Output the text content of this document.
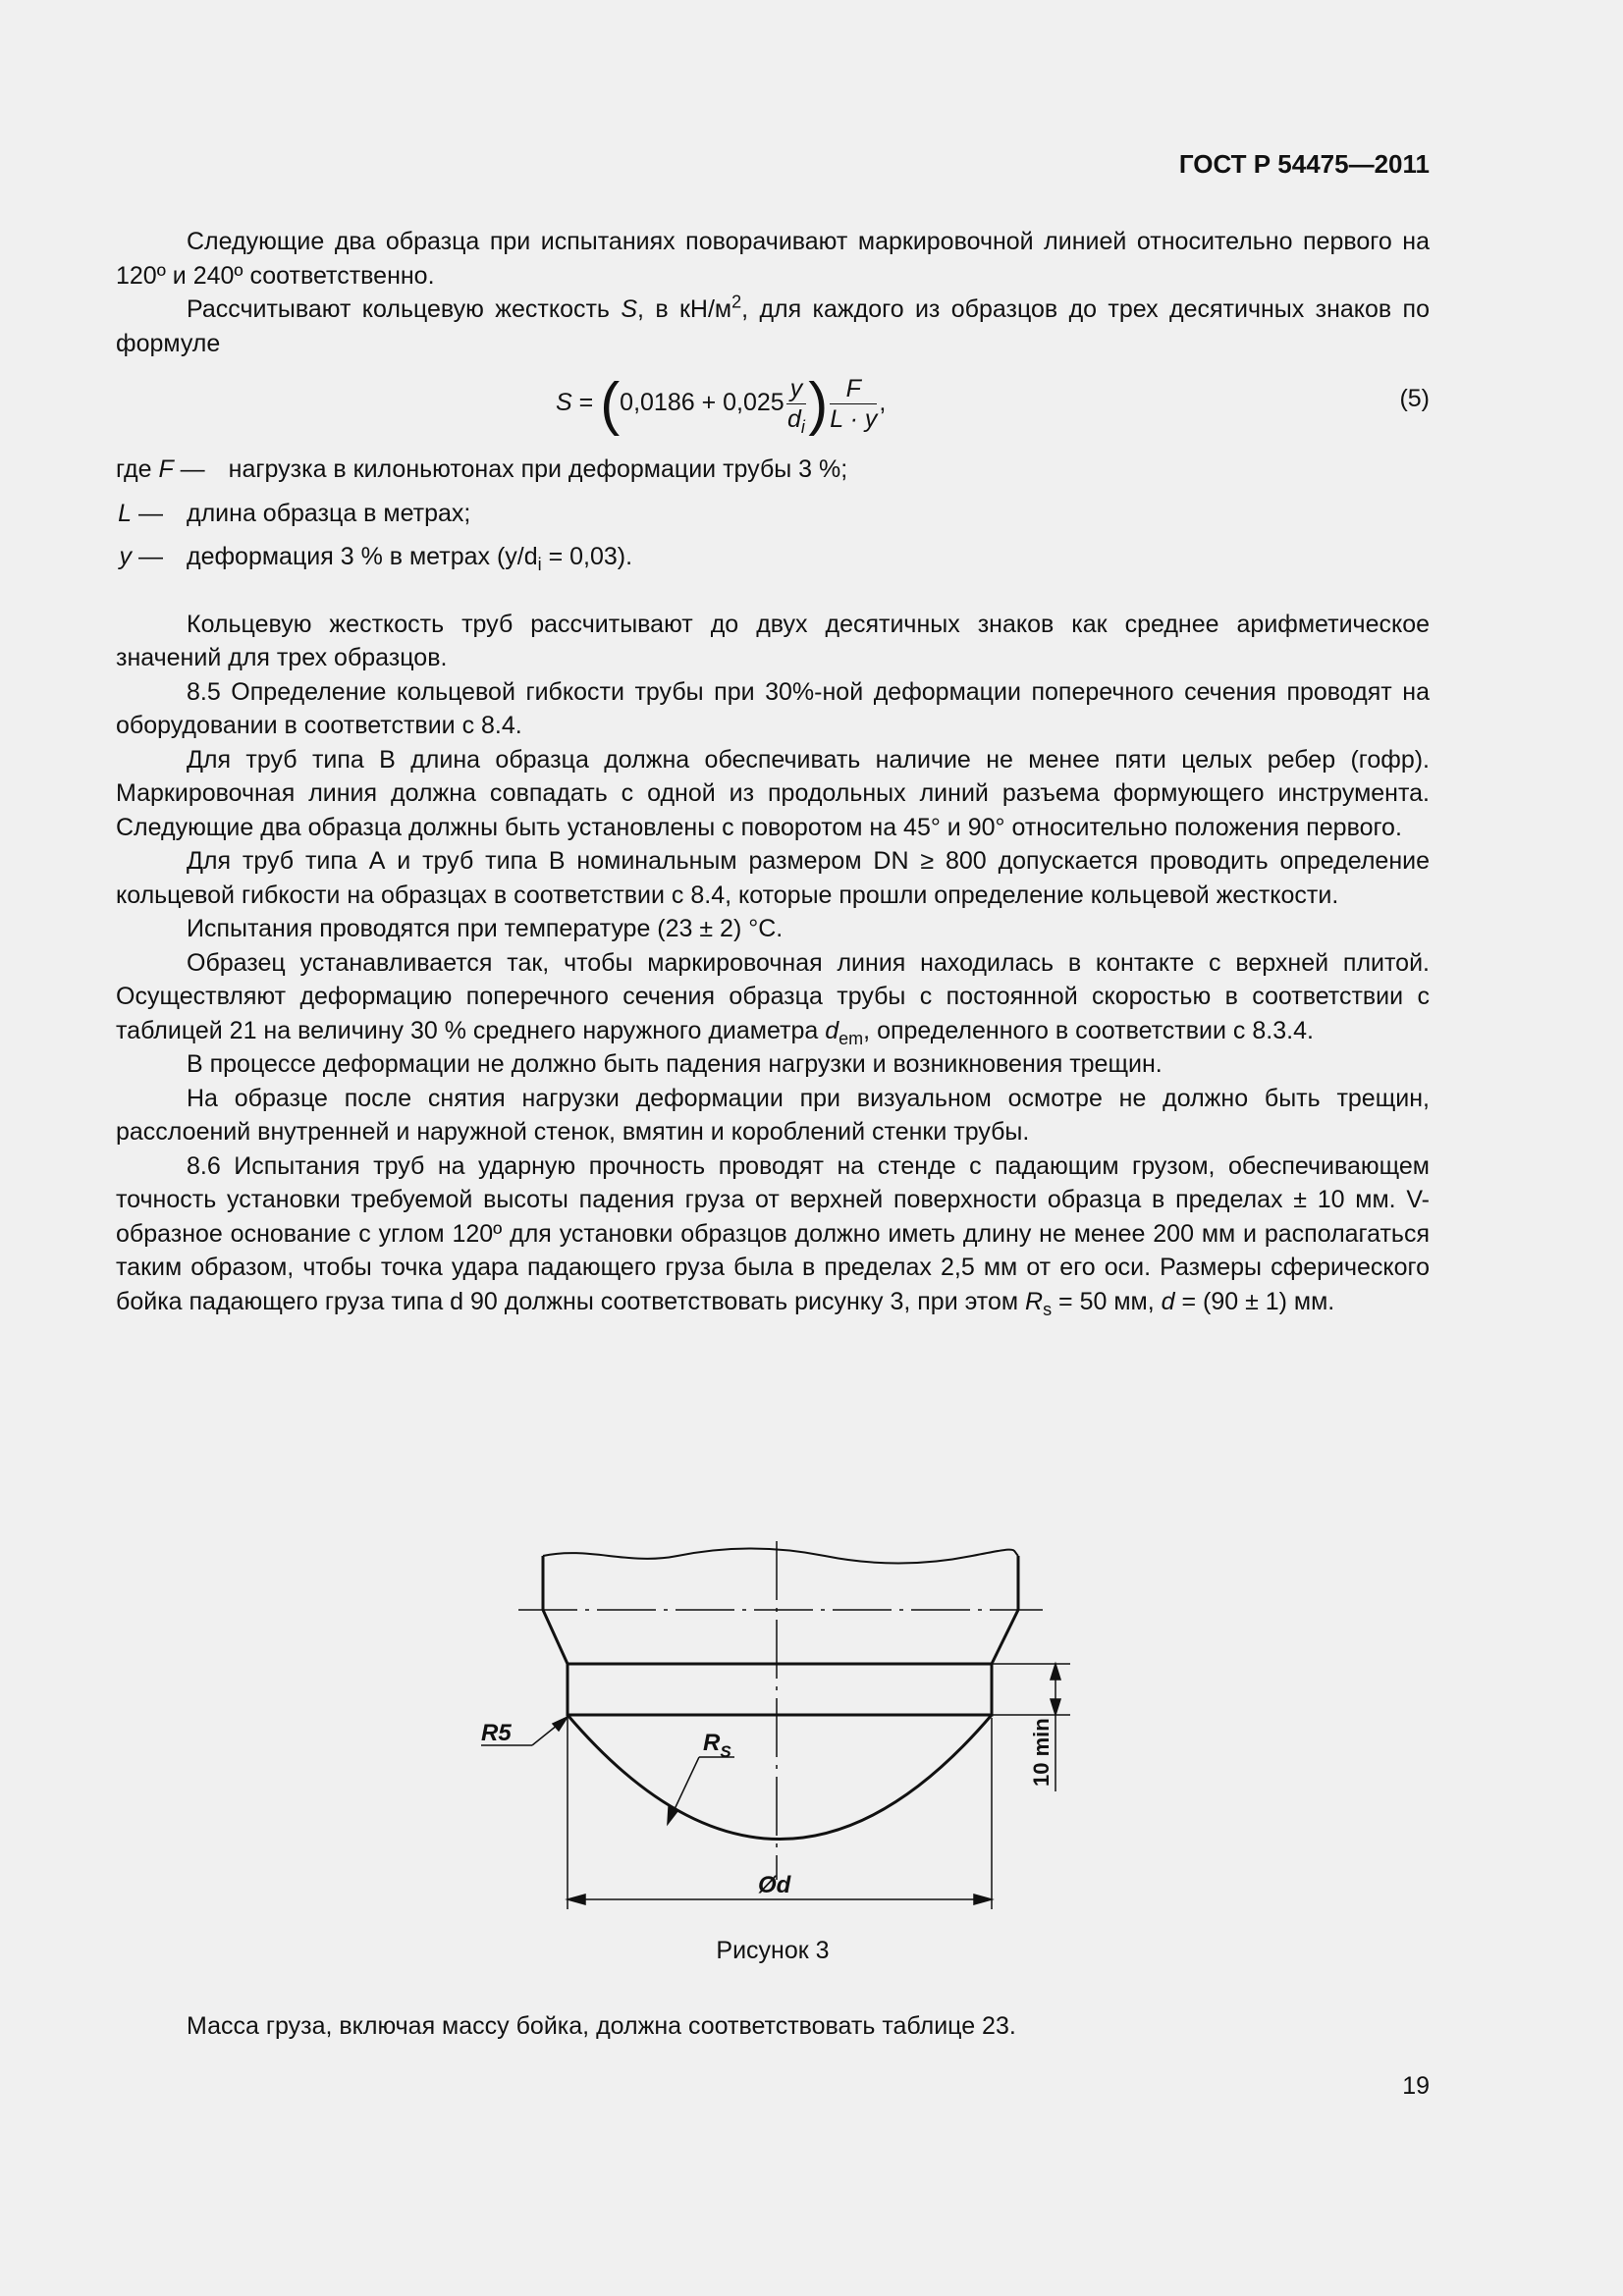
ГОСТ Р 54475—2011

Следующие два образца при испытаниях поворачивают маркировочной линией относительно первого на 120º и 240º соответственно.

Рассчитывают кольцевую жесткость S, в $кН/м^2$, для каждого из образцов до трех десятичных знаков по формуле

$S = (0,0186 + 0,025 \frac{y}{d_i}$ ) $\frac{F}{L \cdot y}$ ,	(5)
где F — нагрузка в килоньютонах при деформации трубы 3 %;
L — длина образца в метрах;
y — деформация 3 % в метрах $(y/d_i = 0,03)$.

Кольцевую жесткость труб рассчитывают до двух десятичных знаков как среднее арифметическое значений для трех образцов.

8.5 Определение кольцевой гибкости трубы при 30%-ной деформации поперечного сечения проводят на оборудовании в соответствии с 8.4.

Для труб типа В длина образца должна обеспечивать наличие не менее пяти целых ребер (гофр). Маркировочная линия должна совпадать с одной из продольных линий разъема формующего инструмента. Следующие два образца должны быть установлены с поворотом на 45° и 90° относительно положения первого.

Для труб типа А и труб типа В номинальным размером DN ≥ 800 допускается проводить определение кольцевой гибкости на образцах в соответствии с 8.4, которые прошли определение кольцевой жесткости.

Испытания проводятся при температуре (23 ± 2) °С.

Образец устанавливается так, чтобы маркировочная линия находилась в контакте с верхней плитой. Осуществляют деформацию поперечного сечения образца трубы с постоянной скоростью в соответствии с таблицей 21 на величину 30 % среднего наружного диаметра $d_{em}$, определенного в соответствии с 8.3.4.

В процессе деформации не должно быть падения нагрузки и возникновения трещин.

На образце после снятия нагрузки деформации при визуальном осмотре не должно быть трещин, расслоений внутренней и наружной стенок, вмятин и короблений стенки трубы.

8.6 Испытания труб на ударную прочность проводят на стенде с падающим грузом, обеспечивающем точность установки требуемой высоты падения груза от верхней поверхности образца в пределах ± 10 мм. V-образное основание с углом 120º для установки образцов должно иметь длину не менее 200 мм и располагаться таким образом, чтобы точка удара падающего груза была в пределах 2,5 мм от его оси. Размеры сферического бойка падающего груза типа d 90 должны соответствовать рисунку 3, при этом $R_s = 50$ мм, d = (90 ± 1) мм.

R5	$R_S$
Ød
10 min
Рисунок 3
Масса груза, включая массу бойка, должна соответствовать таблице 23.
19
